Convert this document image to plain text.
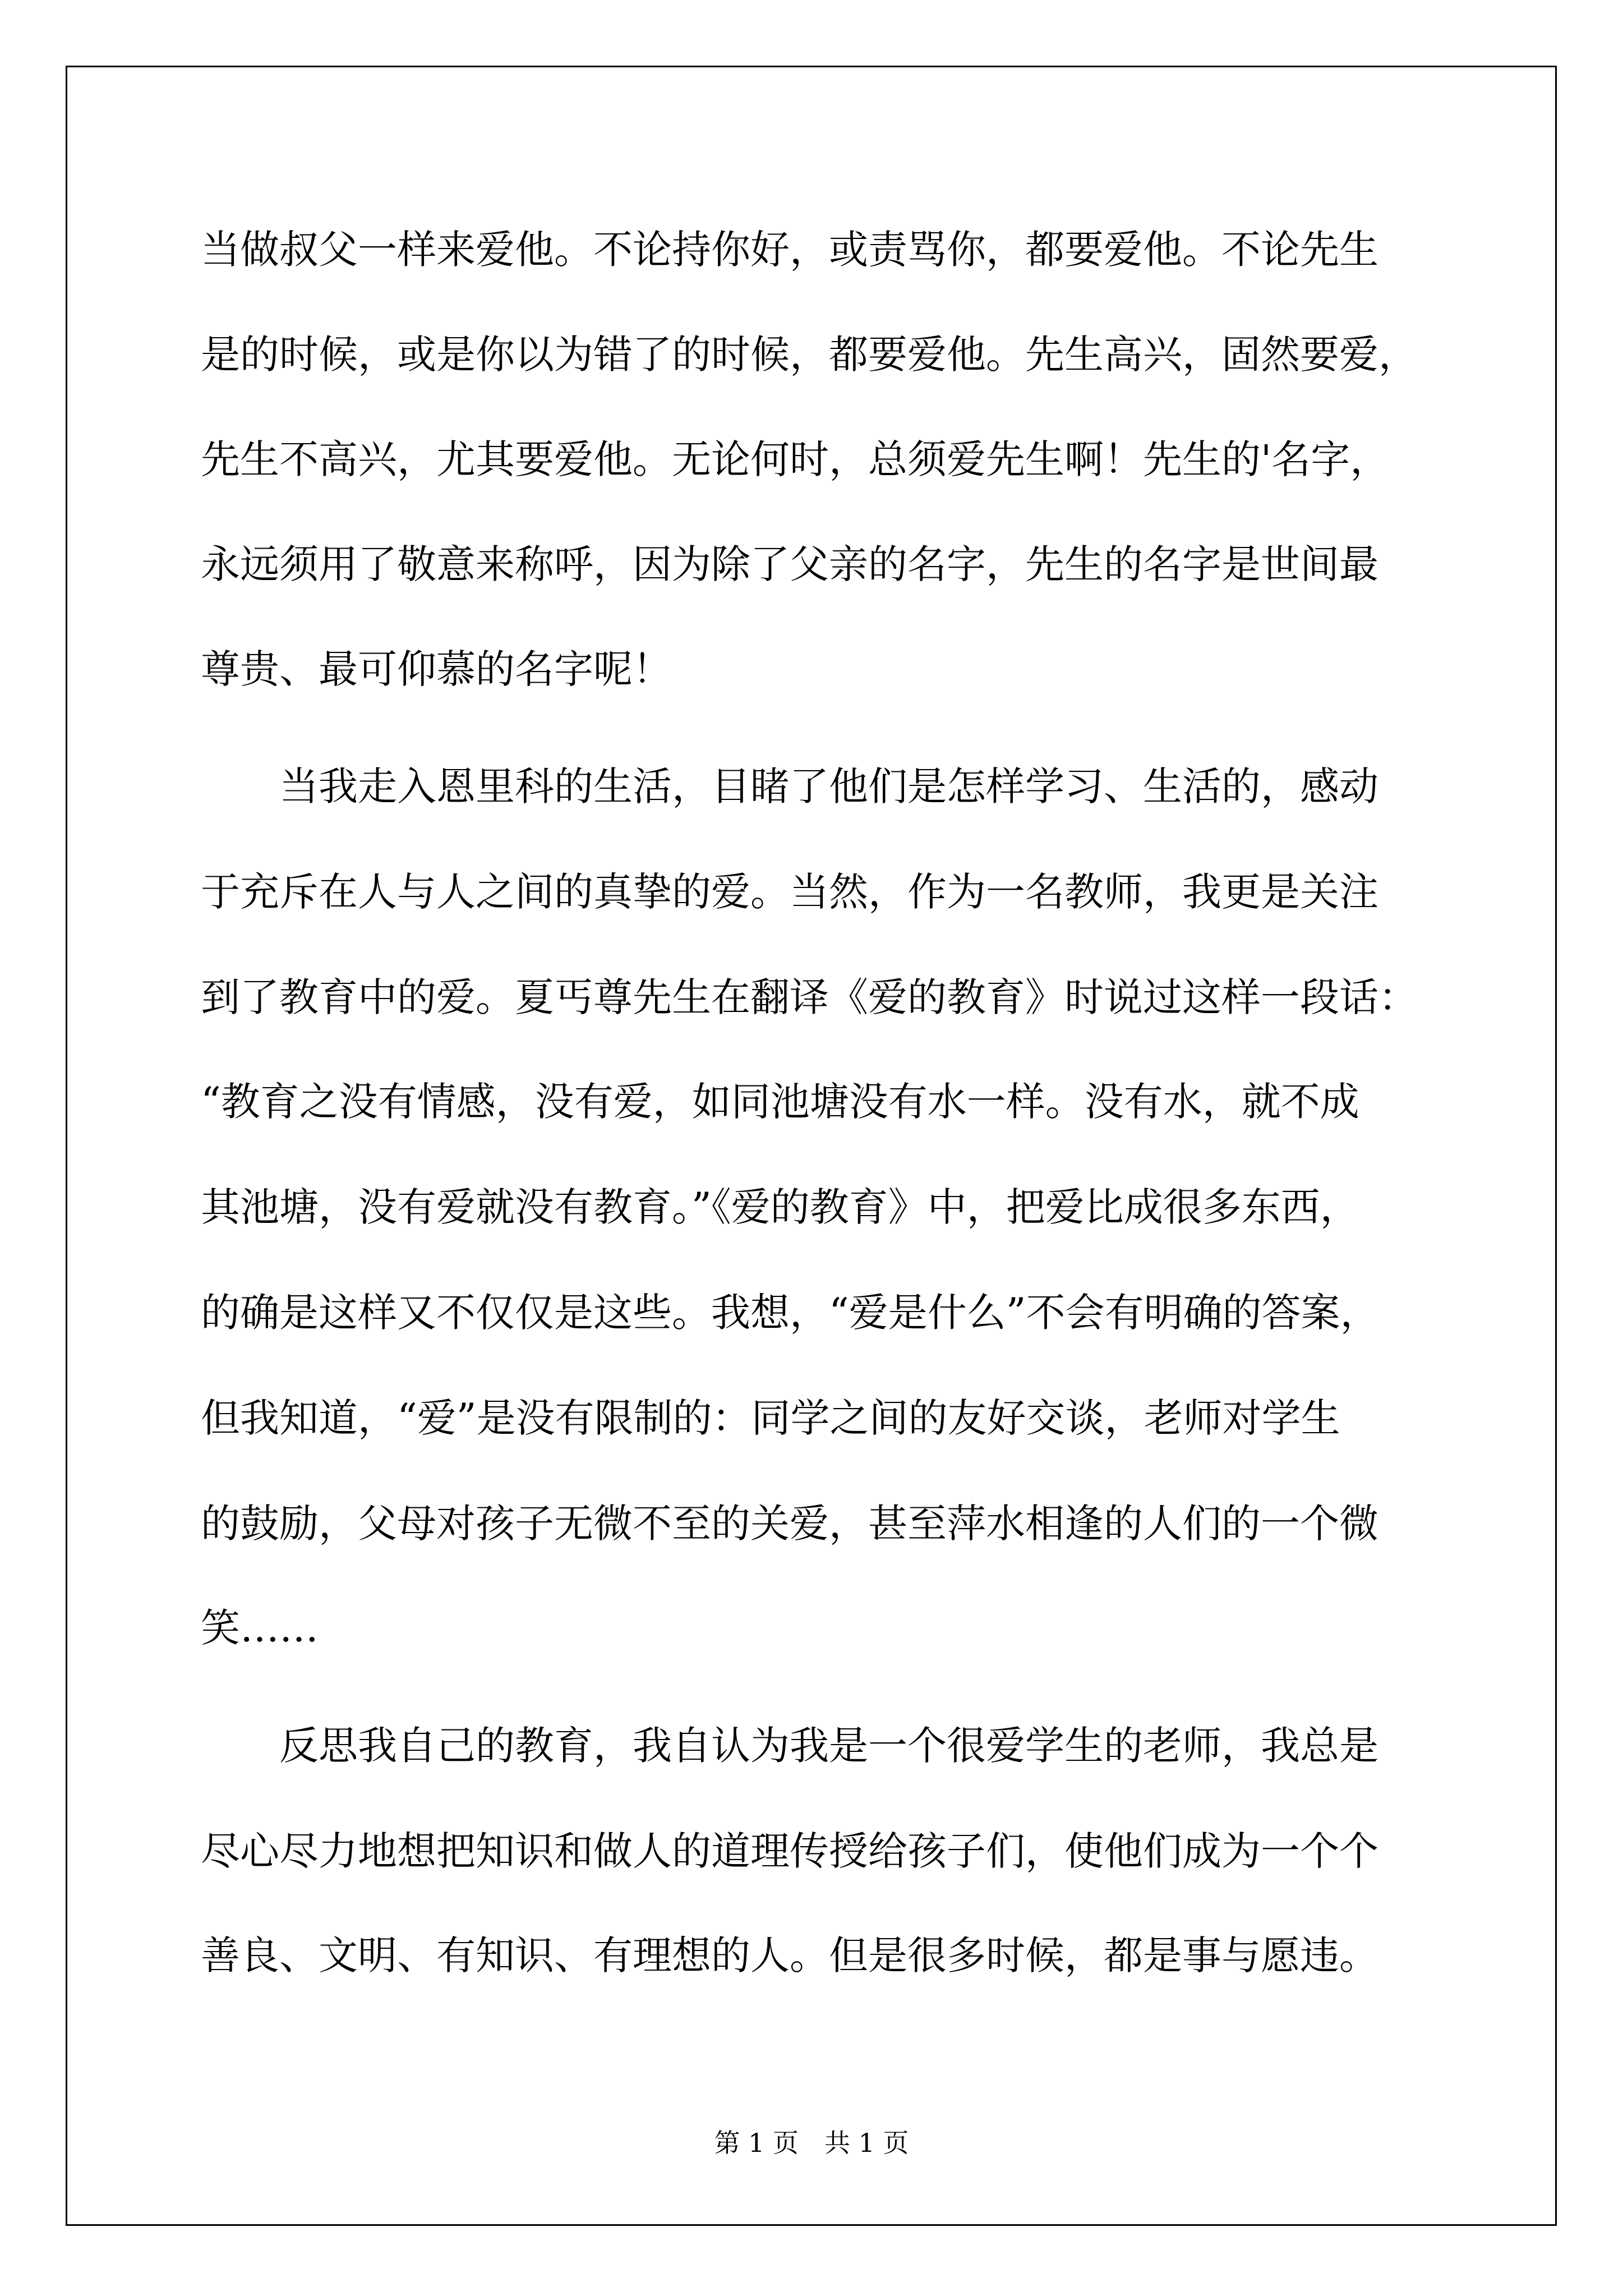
当做叔父一样来爱他。不论持你好，或责骂你，都要爱他。不论先生
是的时候，或是你以为错了的时候，都要爱他。先生高兴，固然要爱，
先生不高兴，尤其要爱他。无论何时，总须爱先生啊！先生的'名字，
永远须用了敬意来称呼，因为除了父亲的名字，先生的名字是世间最
尊贵、最可仰慕的名字呢！
　　当我走入恩里科的生活，目睹了他们是怎样学习、生活的，感动
于充斥在人与人之间的真挚的爱。当然，作为一名教师，我更是关注
到了教育中的爱。夏丐尊先生在翻译《爱的教育》时说过这样一段话：
“教育之没有情感，没有爱，如同池塘没有水一样。没有水，就不成
其池塘，没有爱就没有教育。”《爱的教育》中，把爱比成很多东西，
的确是这样又不仅仅是这些。我想，“爱是什么”不会有明确的答案，
但我知道，“爱”是没有限制的：同学之间的友好交谈，老师对学生
的鼓励，父母对孩子无微不至的关爱，甚至萍水相逢的人们的一个微
笑……
　　反思我自己的教育，我自认为我是一个很爱学生的老师，我总是
尽心尽力地想把知识和做人的道理传授给孩子们，使他们成为一个个
善良、文明、有知识、有理想的人。但是很多时候，都是事与愿违。
第 1 页　共 1 页
